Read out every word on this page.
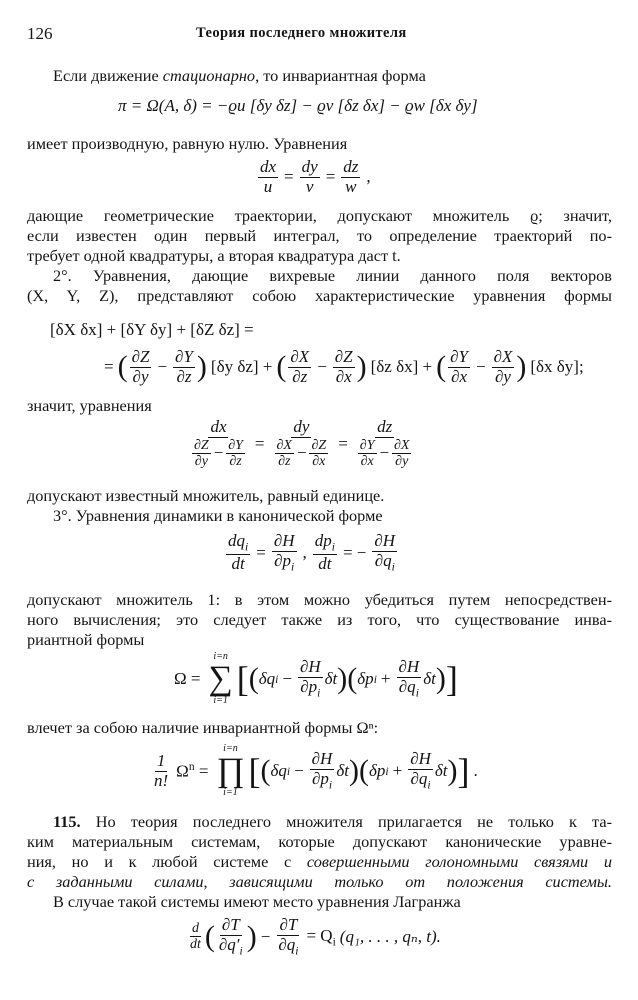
126	Теория последнего множителя
Если движение стационарно, то инвариантная форма
π = Ω(A, δ) = −ϱu [δy δz] − ϱv [δz δx] − ϱw [δx δy]
имеет производную, равную нулю. Уравнения
$\frac{dx}{u} = \frac{dy}{v} = \frac{dz}{w}$ ,
дающие геометрические траектории, допускают множитель ϱ; значит,
если известен один первый интеграл, то определение траекторий по-
требует одной квадратуры, а вторая квадратура даст t.
2°. Уравнения, дающие вихревые линии данного поля векторов
(X, Y, Z), представляют собою характеристические уравнения формы
[δX δx] + [δY δy] + [δZ δz] =
= ( ∂Z
$\partial y - \frac{\partial Y}{\partial z}$ ) [δy δz] + ( ∂X
$\partial z - \frac{\partial Z}{\partial x}$ ) [δz δx] + ( ∂Y
$\partial x - \frac{\partial X}{\partial y}$ ) [δx δy];
значит, уравнения
$\frac{dx}{\frac{\partial Z}{\partial y} - \frac{\partial Y}{\partial z}} = \frac{dy}{\frac{\partial X}{\partial z} - \frac{\partial Z}{\partial x}} = \frac{dz}{\frac{\partial Y}{\partial x} - \frac{\partial X}{\partial y}}$
допускают известный множитель, равный единице.
3°. Уравнения динамики в канонической форме
$dq_i$
dt
= $\frac{\partial H}{\partial p_i}$ ,
$dp_i$
dt
= − $\frac{\partial H}{\partial q_i}$
допускают множитель 1: в этом можно убедиться путем непосредствен-
ного вычисления; это следует также из того, что существование инва-
риантной формы
Ω =
i=n
∑
i=1
[ ( δq $i - \frac{\partial H}{\partial p_i}$ δt ) ( δp $i + \frac{\partial H}{\partial q_i}$ δt ) ]
влечет за собою наличие инвариантной формы Ωⁿ:
1
n! $\Omega^n$ =
i=n
∏
i=1
[ ( δq $i - \frac{\partial H}{\partial p_i}$ δt ) ( δp $i + \frac{\partial H}{\partial q_i}$ δt ) ] .
115. Но теория последнего множителя прилагается не только к та-
ким материальным системам, которые допускают канонические уравне-
ния, но и к любой системе с совершенными голономными связями и
с заданными силами, зависящими только от положения системы.
В случае такой системы имеют место уравнения Лагранжа
d
dt ( ∂T
$\partial q'_i$ ) − $\frac{\partial T}{\partial q_i} = Q_i$ (q₁, . . . , qₙ, t).
